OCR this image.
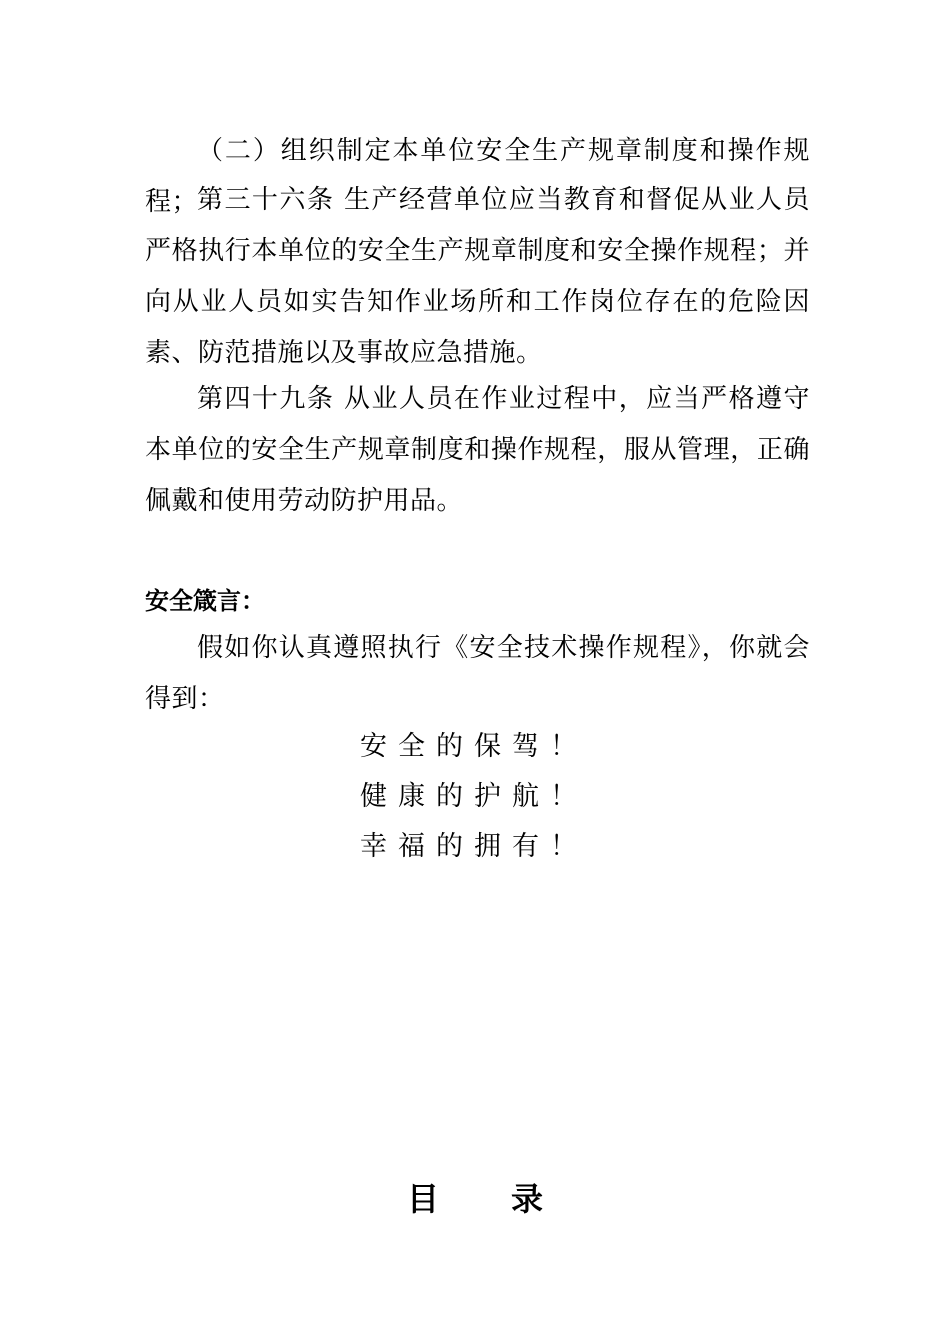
（二）组织制定本单位安全生产规章制度和操作规程；
第三十六条 生产经营单位应当教育和督促从业人员严格执行本单位的安全生产规章制度和安全操作规程；并向从业人员如实告知作业场所和工作岗位存在的危险因素、防范措施以及事故应急措施。
第四十九条 从业人员在作业过程中，应当严格遵守本单位的安全生产规章制度和操作规程，服从管理，正确佩戴和使用劳动防护用品。
安全箴言：
假如你认真遵照执行《安全技术操作规程》，你就会得到：
安全的保驾！
健康的护航！
幸福的拥有！
目 录
